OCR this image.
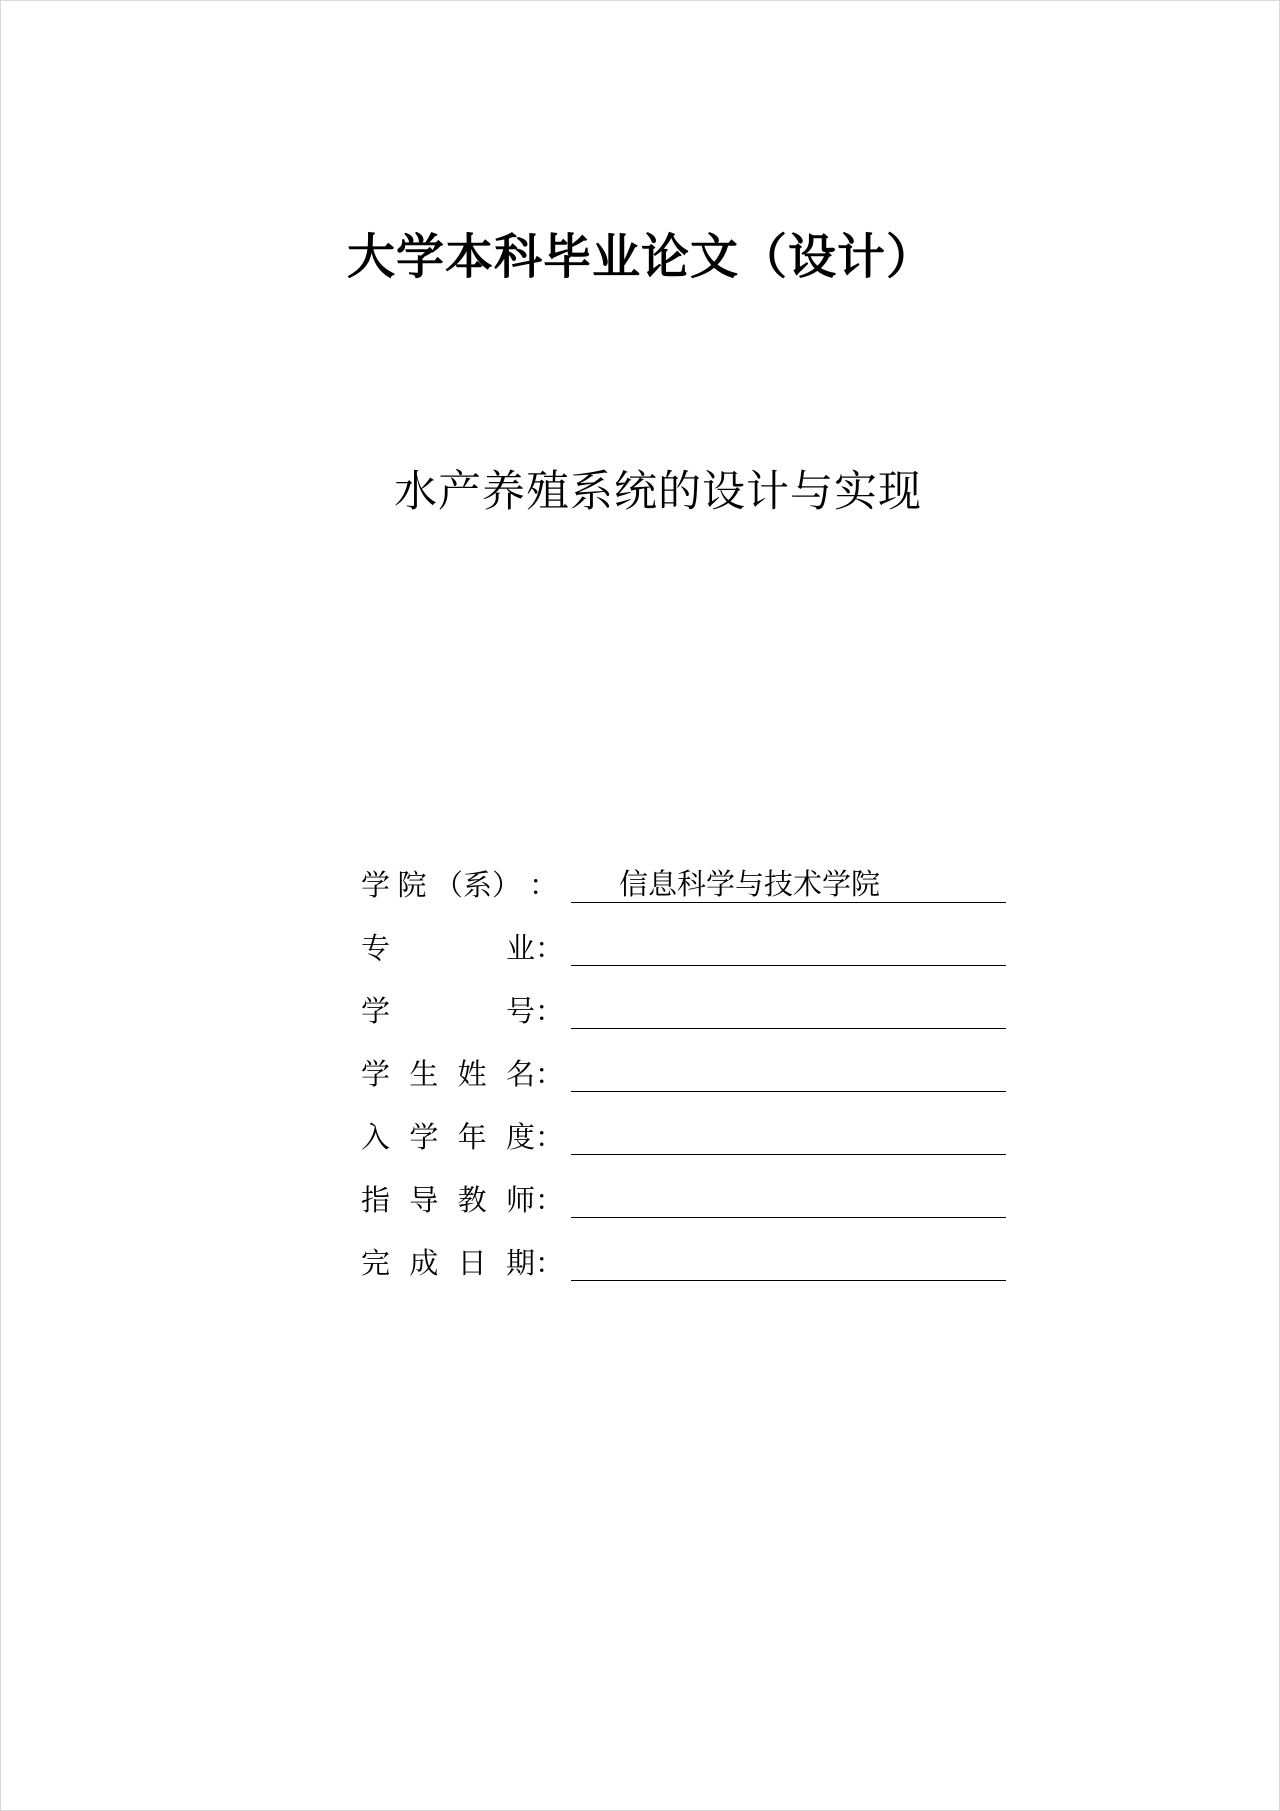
大学本科毕业论文（设计）
水产养殖系统的设计与实现
学 院 （系） ：	信息科学与技术学院
专	业 ：
学	号 ：
学 生 姓 名 ：
入 学 年 度 ：
指 导 教 师 ：
完 成 日 期 ：
